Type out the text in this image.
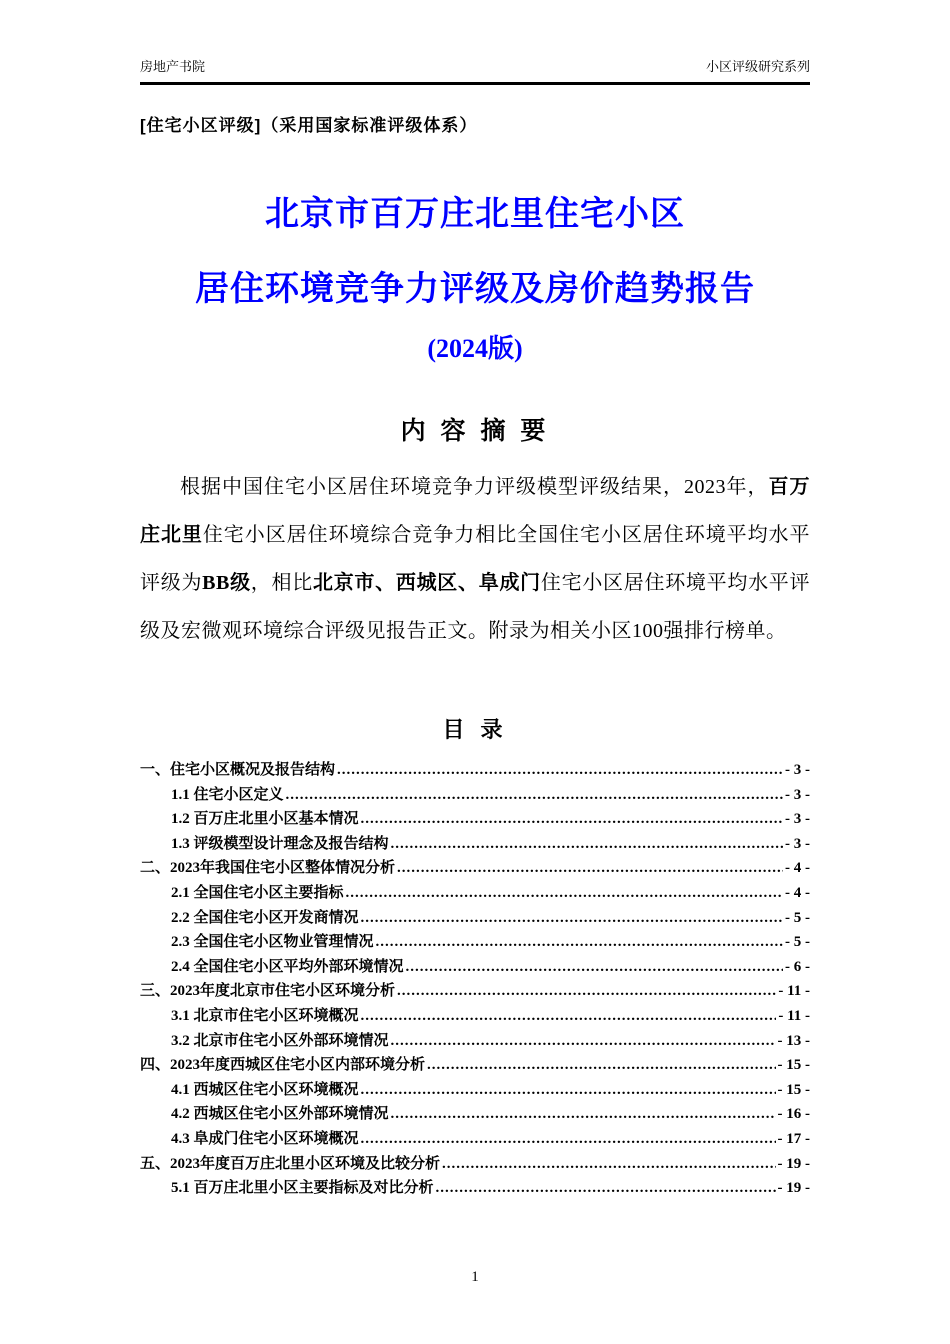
房地产书院	小区评级研究系列
[住宅小区评级]（采用国家标准评级体系）
北京市百万庄北里住宅小区
居住环境竞争力评级及房价趋势报告
(2024版)
内 容 摘 要

根据中国住宅小区居住环境竞争力评级模型评级结果，2023年，百万庄北里住宅小区居住环境综合竞争力相比全国住宅小区居住环境平均水平评级为BB级，相比北京市、西城区、阜成门住宅小区居住环境平均水平评级及宏微观环境综合评级见报告正文。附录为相关小区100强排行榜单。

目 录
一、住宅小区概况及报告结构 .....	- 3 -
1.1 住宅小区定义 .....	- 3 -
1.2 百万庄北里小区基本情况 .....	- 3 -
1.3 评级模型设计理念及报告结构 .....	- 3 -
二、2023年我国住宅小区整体情况分析 .....	- 4 -
2.1 全国住宅小区主要指标 .....	- 4 -
2.2 全国住宅小区开发商情况 .....	- 5 -
2.3 全国住宅小区物业管理情况 .....	- 5 -
2.4 全国住宅小区平均外部环境情况 .....	- 6 -
三、2023年度北京市住宅小区环境分析 .....	- 11 -
3.1 北京市住宅小区环境概况 .....	- 11 -
3.2 北京市住宅小区外部环境情况 .....	- 13 -
四、2023年度西城区住宅小区内部环境分析 .....	- 15 -
4.1 西城区住宅小区环境概况 .....	- 15 -
4.2 西城区住宅小区外部环境情况 .....	- 16 -
4.3 阜成门住宅小区环境概况 .....	- 17 -
五、2023年度百万庄北里小区环境及比较分析 .....	- 19 -
5.1 百万庄北里小区主要指标及对比分析 .....	- 19 -
1
